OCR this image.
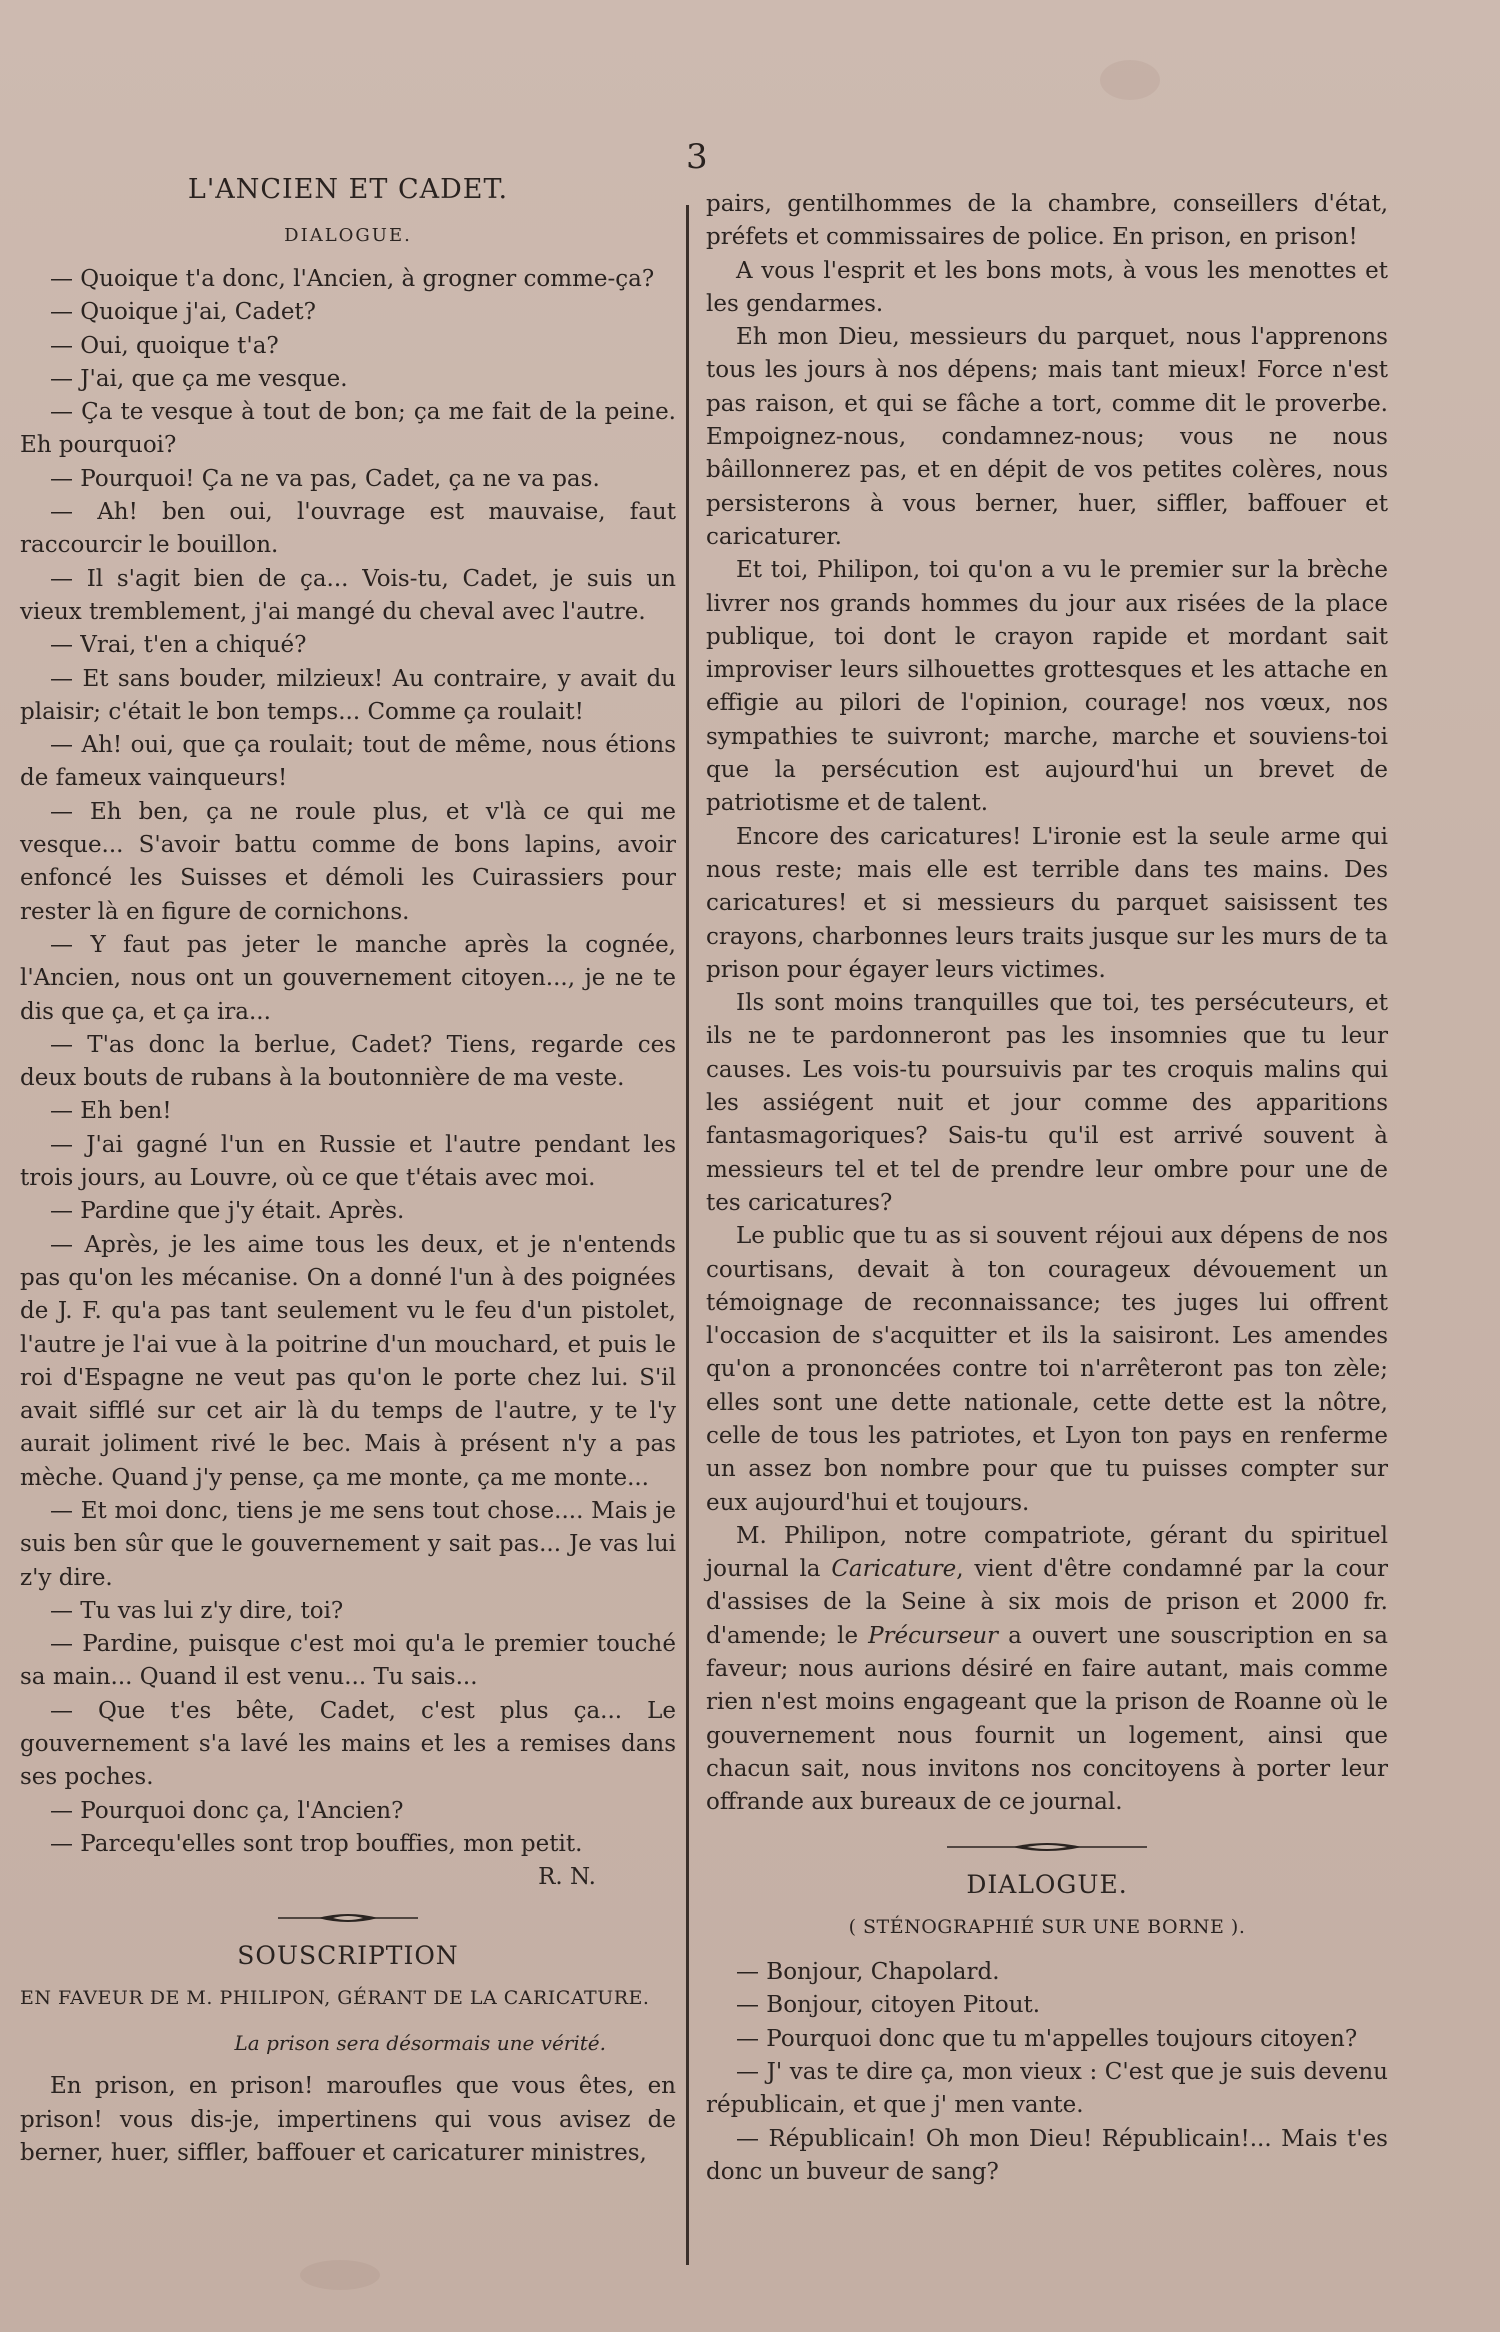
3
L'ANCIEN ET CADET.
DIALOGUE.

— Quoique t'a donc, l'Ancien, à grogner comme-ça?

— Quoique j'ai, Cadet?

— Oui, quoique t'a?

— J'ai, que ça me vesque.

— Ça te vesque à tout de bon; ça me fait de la peine. Eh pourquoi?

— Pourquoi! Ça ne va pas, Cadet, ça ne va pas.

— Ah! ben oui, l'ouvrage est mauvaise, faut raccourcir le bouillon.

— Il s'agit bien de ça... Vois-tu, Cadet, je suis un vieux tremblement, j'ai mangé du cheval avec l'autre.

— Vrai, t'en a chiqué?

— Et sans bouder, milzieux! Au contraire, y avait du plaisir; c'était le bon temps... Comme ça roulait!

— Ah! oui, que ça roulait; tout de même, nous étions de fameux vainqueurs!

— Eh ben, ça ne roule plus, et v'là ce qui me vesque... S'avoir battu comme de bons lapins, avoir enfoncé les Suisses et démoli les Cuirassiers pour rester là en figure de cornichons.

— Y faut pas jeter le manche après la cognée, l'Ancien, nous ont un gouvernement citoyen..., je ne te dis que ça, et ça ira...

— T'as donc la berlue, Cadet? Tiens, regarde ces deux bouts de rubans à la boutonnière de ma veste.

— Eh ben!

— J'ai gagné l'un en Russie et l'autre pendant les trois jours, au Louvre, où ce que t'étais avec moi.

— Pardine que j'y était. Après.

— Après, je les aime tous les deux, et je n'entends pas qu'on les mécanise. On a donné l'un à des poignées de J. F. qu'a pas tant seulement vu le feu d'un pistolet, l'autre je l'ai vue à la poitrine d'un mouchard, et puis le roi d'Espagne ne veut pas qu'on le porte chez lui. S'il avait sifflé sur cet air là du temps de l'autre, y te l'y aurait joliment rivé le bec. Mais à présent n'y a pas mèche. Quand j'y pense, ça me monte, ça me monte...

— Et moi donc, tiens je me sens tout chose.... Mais je suis ben sûr que le gouvernement y sait pas... Je vas lui z'y dire.

— Tu vas lui z'y dire, toi?

— Pardine, puisque c'est moi qu'a le premier touché sa main... Quand il est venu... Tu sais...

— Que t'es bête, Cadet, c'est plus ça... Le gouvernement s'a lavé les mains et les a remises dans ses poches.

— Pourquoi donc ça, l'Ancien?

— Parcequ'elles sont trop bouffies, mon petit.

R. N.

SOUSCRIPTION
EN FAVEUR DE M. PHILIPON, GÉRANT DE LA CARICATURE.
La prison sera désormais une vérité.

En prison, en prison! maroufles que vous êtes, en prison! vous dis-je, impertinens qui vous avisez de berner, huer, siffler, baffouer et caricaturer ministres,

pairs, gentilhommes de la chambre, conseillers d'état, préfets et commissaires de police. En prison, en prison!

A vous l'esprit et les bons mots, à vous les menottes et les gendarmes.

Eh mon Dieu, messieurs du parquet, nous l'apprenons tous les jours à nos dépens; mais tant mieux! Force n'est pas raison, et qui se fâche a tort, comme dit le proverbe. Empoignez-nous, condamnez-nous; vous ne nous bâillonnerez pas, et en dépit de vos petites colères, nous persisterons à vous berner, huer, siffler, baffouer et caricaturer.

Et toi, Philipon, toi qu'on a vu le premier sur la brèche livrer nos grands hommes du jour aux risées de la place publique, toi dont le crayon rapide et mordant sait improviser leurs silhouettes grottesques et les attache en effigie au pilori de l'opinion, courage! nos vœux, nos sympathies te suivront; marche, marche et souviens-toi que la persécution est aujourd'hui un brevet de patriotisme et de talent.

Encore des caricatures! L'ironie est la seule arme qui nous reste; mais elle est terrible dans tes mains. Des caricatures! et si messieurs du parquet saisissent tes crayons, charbonnes leurs traits jusque sur les murs de ta prison pour égayer leurs victimes.

Ils sont moins tranquilles que toi, tes persécuteurs, et ils ne te pardonneront pas les insomnies que tu leur causes. Les vois-tu poursuivis par tes croquis malins qui les assiégent nuit et jour comme des apparitions fantasmagoriques? Sais-tu qu'il est arrivé souvent à messieurs tel et tel de prendre leur ombre pour une de tes caricatures?

Le public que tu as si souvent réjoui aux dépens de nos courtisans, devait à ton courageux dévouement un témoignage de reconnaissance; tes juges lui offrent l'occasion de s'acquitter et ils la saisiront. Les amendes qu'on a prononcées contre toi n'arrêteront pas ton zèle; elles sont une dette nationale, cette dette est la nôtre, celle de tous les patriotes, et Lyon ton pays en renferme un assez bon nombre pour que tu puisses compter sur eux aujourd'hui et toujours.

M. Philipon, notre compatriote, gérant du spirituel journal la Caricature, vient d'être condamné par la cour d'assises de la Seine à six mois de prison et 2000 fr. d'amende; le Précurseur a ouvert une souscription en sa faveur; nous aurions désiré en faire autant, mais comme rien n'est moins engageant que la prison de Roanne où le gouvernement nous fournit un logement, ainsi que chacun sait, nous invitons nos concitoyens à porter leur offrande aux bureaux de ce journal.

DIALOGUE.
( STÉNOGRAPHIÉ SUR UNE BORNE ).

— Bonjour, Chapolard.

— Bonjour, citoyen Pitout.

— Pourquoi donc que tu m'appelles toujours citoyen?

— J' vas te dire ça, mon vieux : C'est que je suis devenu républicain, et que j' men vante.

— Républicain! Oh mon Dieu! Républicain!... Mais t'es donc un buveur de sang?
